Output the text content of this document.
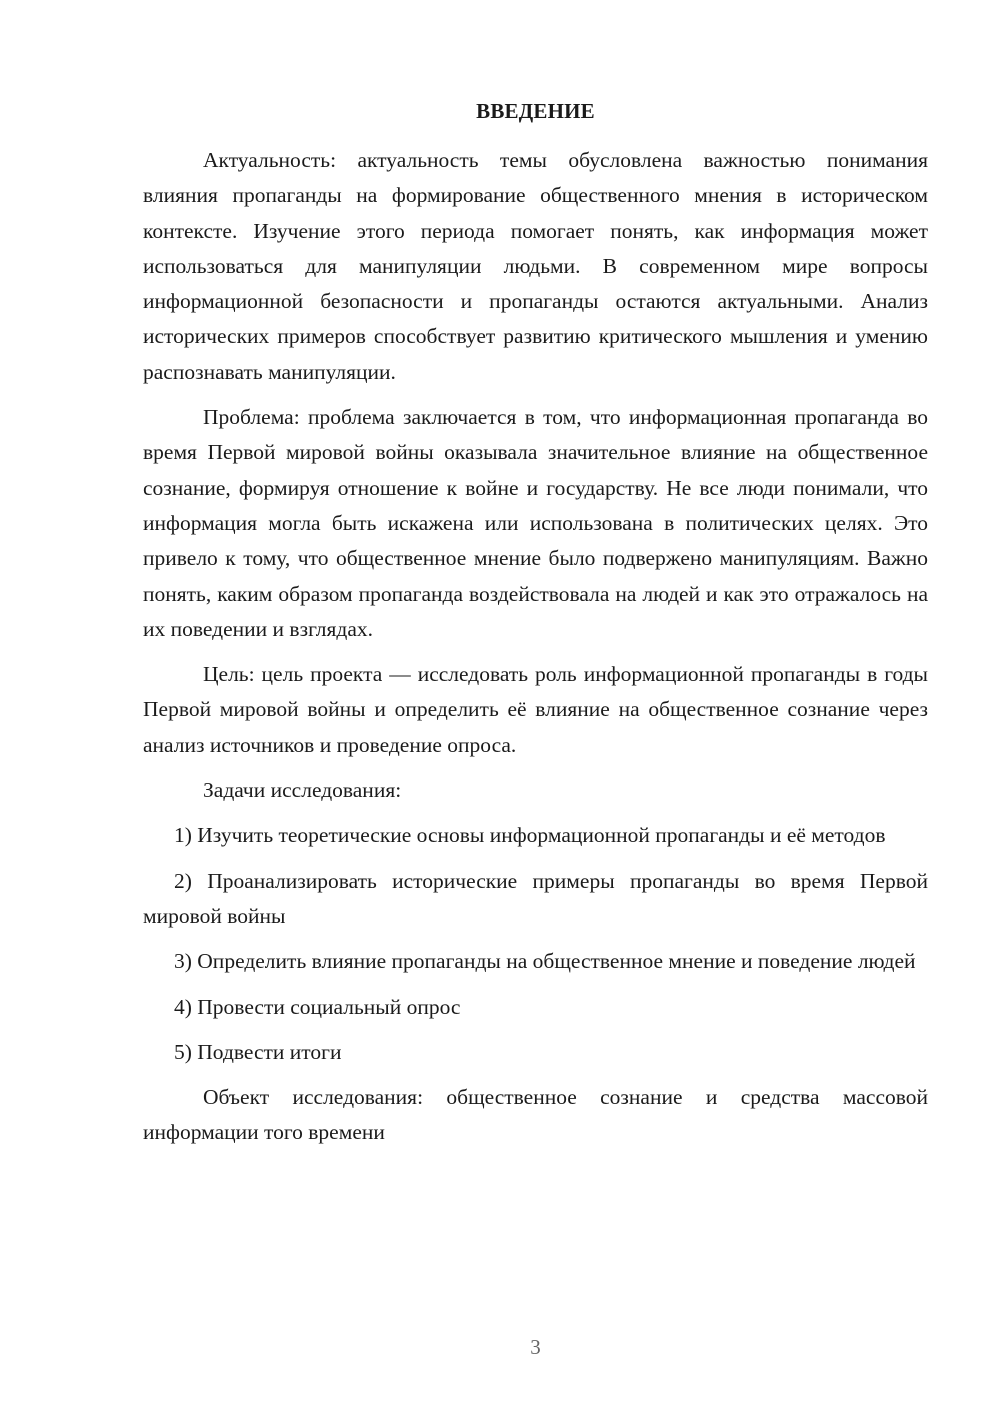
ВВЕДЕНИЕ

Актуальность: актуальность темы обусловлена важностью понимания влияния пропаганды на формирование общественного мнения в историческом контексте. Изучение этого периода помогает понять, как информация может использоваться для манипуляции людьми. В современном мире вопросы информационной безопасности и пропаганды остаются актуальными. Анализ исторических примеров способствует развитию критического мышления и умению распознавать манипуляции.

Проблема: проблема заключается в том, что информационная пропаганда во время Первой мировой войны оказывала значительное влияние на общественное сознание, формируя отношение к войне и государству. Не все люди понимали, что информация могла быть искажена или использована в политических целях. Это привело к тому, что общественное мнение было подвержено манипуляциям. Важно понять, каким образом пропаганда воздействовала на людей и как это отражалось на их поведении и взглядах.

Цель: цель проекта — исследовать роль информационной пропаганды в годы Первой мировой войны и определить её влияние на общественное сознание через анализ источников и проведение опроса.

Задачи исследования:

1) Изучить теоретические основы информационной пропаганды и её методов

2) Проанализировать исторические примеры пропаганды во время Первой мировой войны

3) Определить влияние пропаганды на общественное мнение и поведение людей

4) Провести социальный опрос

5) Подвести итоги

Объект исследования: общественное сознание и средства массовой информации того времени

3
